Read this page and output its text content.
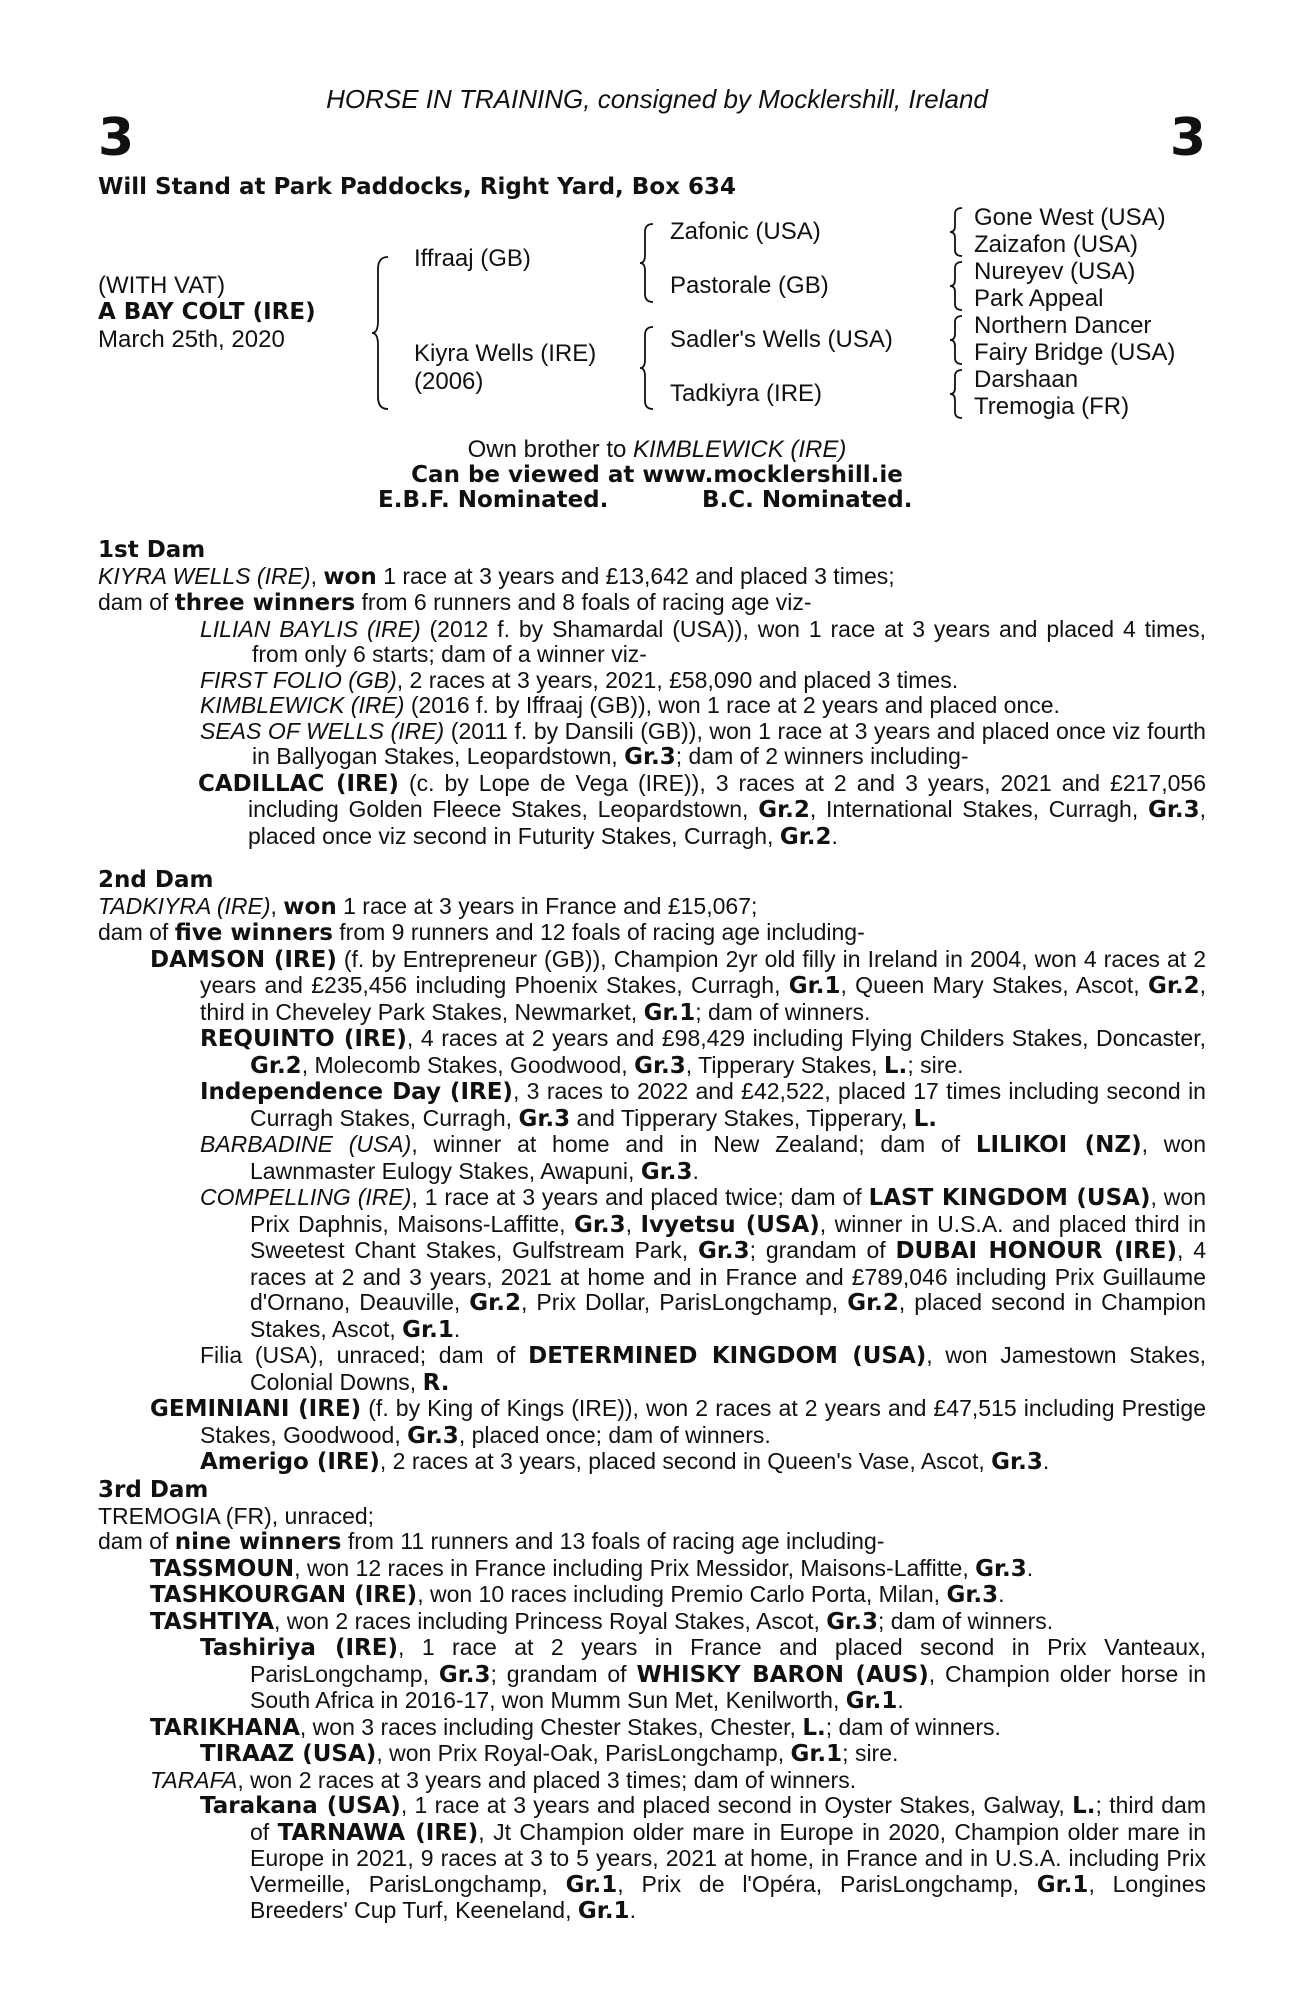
HORSE IN TRAINING, consigned by Mocklershill, Ireland
3	3
Will Stand at Park Paddocks, Right Yard, Box 634
(WITH VAT)
A BAY COLT (IRE)
March 25th, 2020
Iffraaj (GB)
Kiyra Wells (IRE)
(2006)
Zafonic (USA)
Pastorale (GB)
Sadler's Wells (USA)
Tadkiyra (IRE)
Gone West (USA)
Zaizafon (USA)
Nureyev (USA)
Park Appeal
Northern Dancer
Fairy Bridge (USA)
Darshaan
Tremogia (FR)
Own brother to KIMBLEWICK (IRE)
Can be viewed at www.mocklershill.ie
E.B.F. Nominated.	B.C. Nominated.

1st Dam

KIYRA WELLS (IRE), won 1 race at 3 years and £13,642 and placed 3 times;

dam of three winners from 6 runners and 8 foals of racing age viz-

LILIAN BAYLIS (IRE) (2012 f. by Shamardal (USA)), won 1 race at 3 years and placed 4 times, from only 6 starts; dam of a winner viz-

FIRST FOLIO (GB), 2 races at 3 years, 2021, £58,090 and placed 3 times.

KIMBLEWICK (IRE) (2016 f. by Iffraaj (GB)), won 1 race at 2 years and placed once.

SEAS OF WELLS (IRE) (2011 f. by Dansili (GB)), won 1 race at 3 years and placed once viz fourth in Ballyogan Stakes, Leopardstown, Gr.3; dam of 2 winners including-

CADILLAC (IRE) (c. by Lope de Vega (IRE)), 3 races at 2 and 3 years, 2021 and £217,056 including Golden Fleece Stakes, Leopardstown, Gr.2, International Stakes, Curragh, Gr.3, placed once viz second in Futurity Stakes, Curragh, Gr.2.

2nd Dam

TADKIYRA (IRE), won 1 race at 3 years in France and £15,067;

dam of five winners from 9 runners and 12 foals of racing age including-

DAMSON (IRE) (f. by Entrepreneur (GB)), Champion 2yr old filly in Ireland in 2004, won 4 races at 2 years and £235,456 including Phoenix Stakes, Curragh, Gr.1, Queen Mary Stakes, Ascot, Gr.2, third in Cheveley Park Stakes, Newmarket, Gr.1; dam of winners.

REQUINTO (IRE), 4 races at 2 years and £98,429 including Flying Childers Stakes, Doncaster, Gr.2, Molecomb Stakes, Goodwood, Gr.3, Tipperary Stakes, L.; sire.

Independence Day (IRE), 3 races to 2022 and £42,522, placed 17 times including second in Curragh Stakes, Curragh, Gr.3 and Tipperary Stakes, Tipperary, L.

BARBADINE (USA), winner at home and in New Zealand; dam of LILIKOI (NZ), won Lawnmaster Eulogy Stakes, Awapuni, Gr.3.

COMPELLING (IRE), 1 race at 3 years and placed twice; dam of LAST KINGDOM (USA), won Prix Daphnis, Maisons-Laffitte, Gr.3, Ivyetsu (USA), winner in U.S.A. and placed third in Sweetest Chant Stakes, Gulfstream Park, Gr.3; grandam of DUBAI HONOUR (IRE), 4 races at 2 and 3 years, 2021 at home and in France and £789,046 including Prix Guillaume d'Ornano, Deauville, Gr.2, Prix Dollar, ParisLongchamp, Gr.2, placed second in Champion Stakes, Ascot, Gr.1.

Filia (USA), unraced; dam of DETERMINED KINGDOM (USA), won Jamestown Stakes, Colonial Downs, R.

GEMINIANI (IRE) (f. by King of Kings (IRE)), won 2 races at 2 years and £47,515 including Prestige Stakes, Goodwood, Gr.3, placed once; dam of winners.

Amerigo (IRE), 2 races at 3 years, placed second in Queen's Vase, Ascot, Gr.3.

3rd Dam

TREMOGIA (FR), unraced;

dam of nine winners from 11 runners and 13 foals of racing age including-

TASSMOUN, won 12 races in France including Prix Messidor, Maisons-Laffitte, Gr.3.

TASHKOURGAN (IRE), won 10 races including Premio Carlo Porta, Milan, Gr.3.

TASHTIYA, won 2 races including Princess Royal Stakes, Ascot, Gr.3; dam of winners.

Tashiriya (IRE), 1 race at 2 years in France and placed second in Prix Vanteaux, ParisLongchamp, Gr.3; grandam of WHISKY BARON (AUS), Champion older horse in South Africa in 2016-17, won Mumm Sun Met, Kenilworth, Gr.1.

TARIKHANA, won 3 races including Chester Stakes, Chester, L.; dam of winners.

TIRAAZ (USA), won Prix Royal-Oak, ParisLongchamp, Gr.1; sire.

TARAFA, won 2 races at 3 years and placed 3 times; dam of winners.

Tarakana (USA), 1 race at 3 years and placed second in Oyster Stakes, Galway, L.; third dam of TARNAWA (IRE), Jt Champion older mare in Europe in 2020, Champion older mare in Europe in 2021, 9 races at 3 to 5 years, 2021 at home, in France and in U.S.A. including Prix Vermeille, ParisLongchamp, Gr.1, Prix de l'Opéra, ParisLongchamp, Gr.1, Longines Breeders' Cup Turf, Keeneland, Gr.1.
